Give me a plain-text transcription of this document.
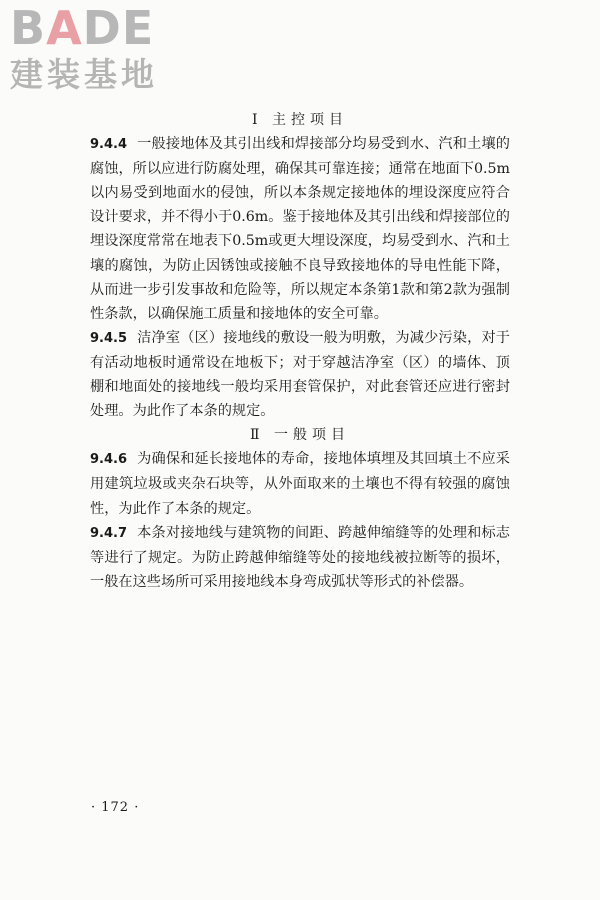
BADE
建装基地
Ⅰ 主控项目
9.4.4 一般接地体及其引出线和焊接部分均易受到水、汽和土壤的腐蚀，所以应进行防腐处理，确保其可靠连接；通常在地面下0.5m以内易受到地面水的侵蚀，所以本条规定接地体的埋设深度应符合设计要求，并不得小于0.6m。鉴于接地体及其引出线和焊接部位的埋设深度常常在地表下0.5m或更大埋设深度，均易受到水、汽和土壤的腐蚀，为防止因锈蚀或接触不良导致接地体的导电性能下降，从而进一步引发事故和危险等，所以规定本条第1款和第2款为强制性条款，以确保施工质量和接地体的安全可靠。
9.4.5 洁净室（区）接地线的敷设一般为明敷，为减少污染，对于有活动地板时通常设在地板下；对于穿越洁净室（区）的墙体、顶棚和地面处的接地线一般均采用套管保护，对此套管还应进行密封处理。为此作了本条的规定。
Ⅱ 一般项目
9.4.6 为确保和延长接地体的寿命，接地体填埋及其回填土不应采用建筑垃圾或夹杂石块等，从外面取来的土壤也不得有较强的腐蚀性，为此作了本条的规定。
9.4.7 本条对接地线与建筑物的间距、跨越伸缩缝等的处理和标志等进行了规定。为防止跨越伸缩缝等处的接地线被拉断等的损坏，一般在这些场所可采用接地线本身弯成弧状等形式的补偿器。
· 172 ·
